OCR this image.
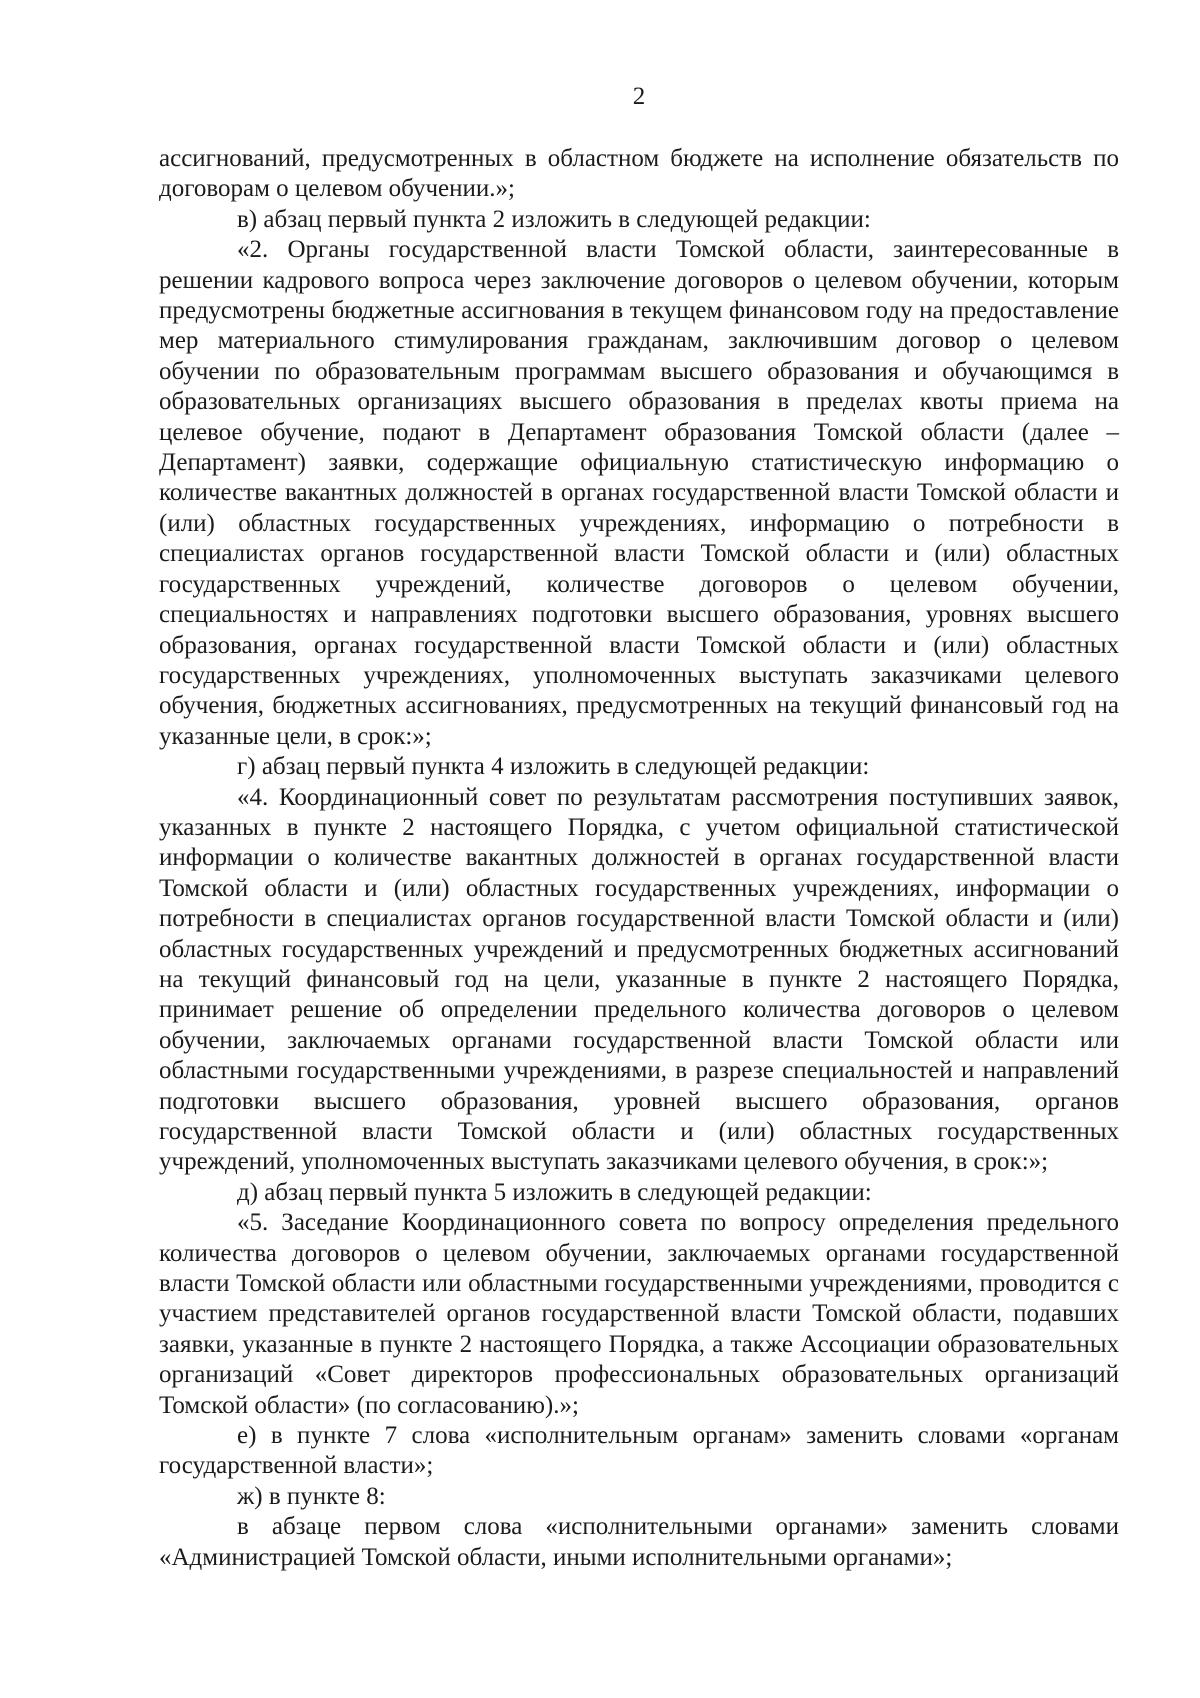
2

ассигнований, предусмотренных в областном бюджете на исполнение обязательств по договорам о целевом обучении.»;

в) абзац первый пункта 2 изложить в следующей редакции:

«2. Органы государственной власти Томской области, заинтересованные в решении кадрового вопроса через заключение договоров о целевом обучении, которым предусмотрены бюджетные ассигнования в текущем финансовом году на предоставление мер материального стимулирования гражданам, заключившим договор о целевом обучении по образовательным программам высшего образования и обучающимся в образовательных организациях высшего образования в пределах квоты приема на целевое обучение, подают в Департамент образования Томской области (далее – Департамент) заявки, содержащие официальную статистическую информацию о количестве вакантных должностей в органах государственной власти Томской области и (или) областных государственных учреждениях, информацию о потребности в специалистах органов государственной власти Томской области и (или) областных государственных учреждений, количестве договоров о целевом обучении, специальностях и направлениях подготовки высшего образования, уровнях высшего образования, органах государственной власти Томской области и (или) областных государственных учреждениях, уполномоченных выступать заказчиками целевого обучения, бюджетных ассигнованиях, предусмотренных на текущий финансовый год на указанные цели, в срок:»;

г) абзац первый пункта 4 изложить в следующей редакции:

«4. Координационный совет по результатам рассмотрения поступивших заявок, указанных в пункте 2 настоящего Порядка, с учетом официальной статистической информации о количестве вакантных должностей в органах государственной власти Томской области и (или) областных государственных учреждениях, информации о потребности в специалистах органов государственной власти Томской области и (или) областных государственных учреждений и предусмотренных бюджетных ассигнований на текущий финансовый год на цели, указанные в пункте 2 настоящего Порядка, принимает решение об определении предельного количества договоров о целевом обучении, заключаемых органами государственной власти Томской области или областными государственными учреждениями, в разрезе специальностей и направлений подготовки высшего образования, уровней высшего образования, органов государственной власти Томской области и (или) областных государственных учреждений, уполномоченных выступать заказчиками целевого обучения, в срок:»;

д) абзац первый пункта 5 изложить в следующей редакции:

«5. Заседание Координационного совета по вопросу определения предельного количества договоров о целевом обучении, заключаемых органами государственной власти Томской области или областными государственными учреждениями, проводится с участием представителей органов государственной власти Томской области, подавших заявки, указанные в пункте 2 настоящего Порядка, а также Ассоциации образовательных организаций «Совет директоров профессиональных образовательных организаций Томской области» (по согласованию).»;

е) в пункте 7 слова «исполнительным органам» заменить словами «органам государственной власти»;

ж) в пункте 8:

в абзаце первом слова «исполнительными органами» заменить словами «Администрацией Томской области, иными исполнительными органами»;
